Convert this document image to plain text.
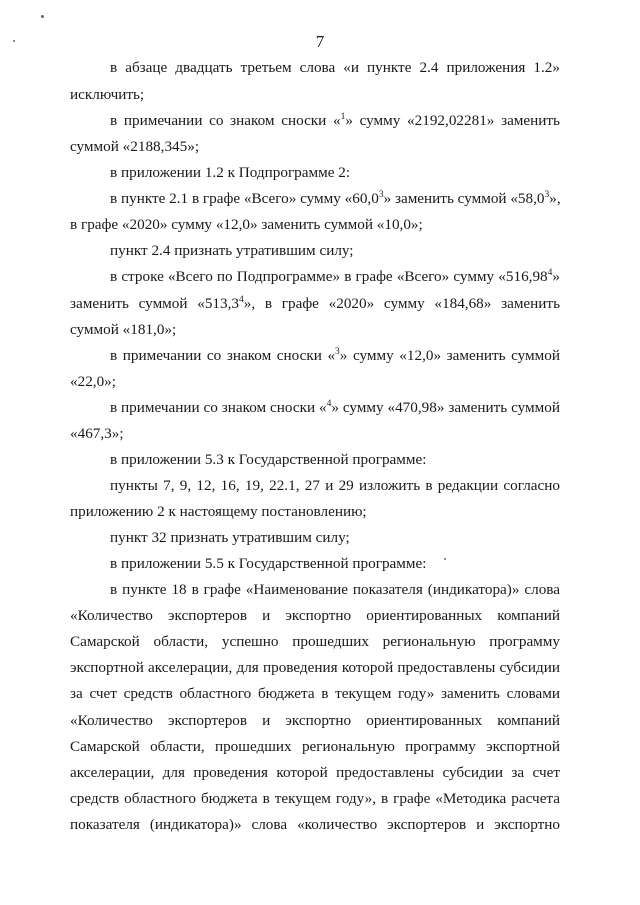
7
в абзаце двадцать третьем слова «и пункте 2.4 приложения 1.2»
исключить;
в примечании со знаком сноски «$^1$» сумму «2192,02281» заменить
суммой «2188,345»;
в приложении 1.2 к Подпрограмме 2:
в пункте 2.1 в графе «Всего» сумму «60,0$^3$» заменить суммой «58,0$^3$»,
в графе «2020» сумму «12,0» заменить суммой «10,0»;
пункт 2.4 признать утратившим силу;
в строке «Всего по Подпрограмме» в графе «Всего» сумму «516,98$^4$»
заменить суммой «513,3$^4$», в графе «2020» сумму «184,68» заменить
суммой «181,0»;
в примечании со знаком сноски «$^3$» сумму «12,0» заменить суммой
«22,0»;
в примечании со знаком сноски «$^4$» сумму «470,98» заменить суммой
«467,3»;
в приложении 5.3 к Государственной программе:
пункты 7, 9, 12, 16, 19, 22.1, 27 и 29 изложить в редакции согласно
приложению 2 к настоящему постановлению;
пункт 32 признать утратившим силу;
в приложении 5.5 к Государственной программе:
в пункте 18 в графе «Наименование показателя (индикатора)» слова
«Количество экспортеров и экспортно ориентированных компаний
Самарской области, успешно прошедших региональную программу
экспортной акселерации, для проведения которой предоставлены субсидии
за счет средств областного бюджета в текущем году» заменить словами
«Количество экспортеров и экспортно ориентированных компаний
Самарской области, прошедших региональную программу экспортной
акселерации, для проведения которой предоставлены субсидии за счет
средств областного бюджета в текущем году», в графе «Методика расчета
показателя (индикатора)» слова «количество экспортеров и экспортно
